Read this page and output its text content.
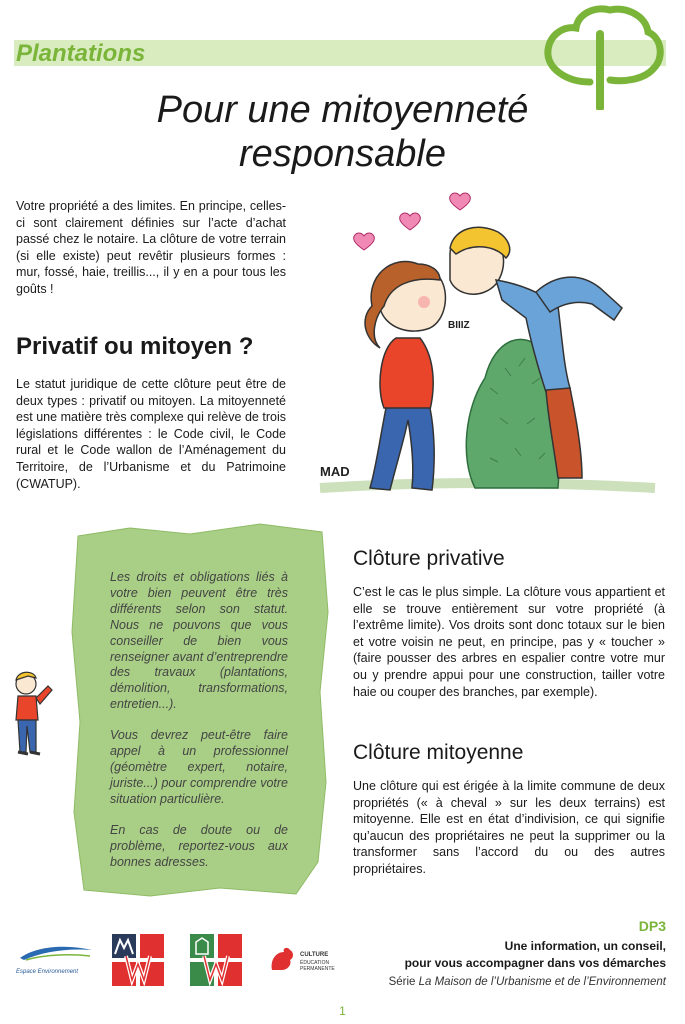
Plantations
Pour une mitoyenneté
responsable
Votre propriété a des limites. En principe, celles-ci sont clairement définies sur l’acte d’achat passé chez le notaire. La clôture de votre terrain (si elle existe) peut revêtir plusieurs formes : mur, fossé, haie, treillis..., il y en a pour tous les goûts !
BIIIZ
MAD
Privatif ou mitoyen ?
Le statut juridique de cette clôture peut être de deux types : privatif ou mitoyen. La mitoyenneté est une matière très complexe qui relève de trois législations différentes : le Code civil, le Code rural et le Code wallon de l’Aménagement du Territoire, de l’Urbanisme et du Patrimoine (CWATUP).

Les droits et obligations liés à votre bien peuvent être très différents selon son statut. Nous ne pouvons que vous conseiller de bien vous renseigner avant d’entreprendre des travaux (plantations, démolition, transformations, entretien...).

Vous devrez peut-être faire appel à un professionnel (géomètre expert, notaire, juriste...) pour comprendre votre situation particulière.

En cas de doute ou de problème, reportez-vous aux bonnes adresses.

Clôture privative
C’est le cas le plus simple. La clôture vous appartient et elle se trouve entièrement sur votre propriété (à l’extrême limite). Vos droits sont donc totaux sur le bien et votre voisin ne peut, en principe, pas y « toucher » (faire pousser des arbres en espalier contre votre mur ou y prendre appui pour une construction, tailler votre haie ou couper des branches, par exemple).
Clôture mitoyenne
Une clôture qui est érigée à la limite commune de deux propriétés (« à cheval » sur les deux terrains) est mitoyenne. Elle est en état d’indivision, ce qui signifie qu’aucun des propriétaires ne peut la supprimer ou la transformer sans l’accord du ou des autres propriétaires.
DP3
Une information, un conseil,
pour vous accompagner dans vos démarches
Série La Maison de l’Urbanisme et de l’Environnement
Espace Environnement
CULTURE
ÉDUCATION PERMANENTE
1
